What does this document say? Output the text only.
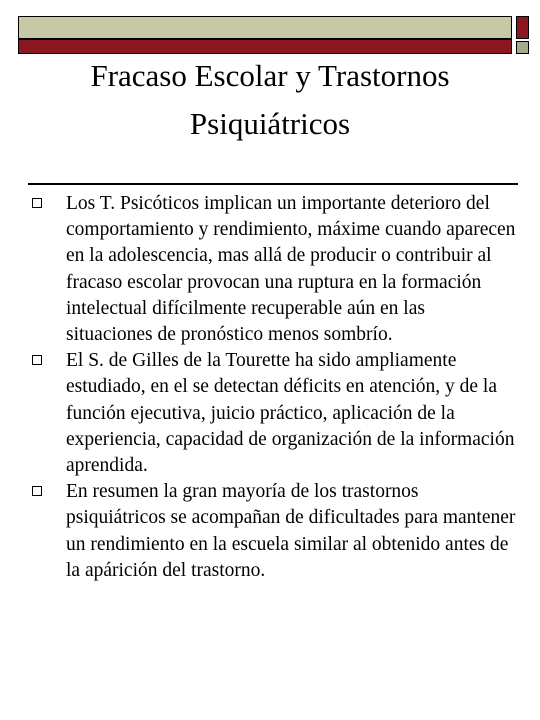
Fracaso Escolar y Trastornos Psiquiátricos
Los T. Psicóticos implican un importante deterioro del comportamiento y rendimiento, máxime cuando aparecen en la adolescencia, mas allá de producir o contribuir al fracaso escolar provocan una ruptura en la formación intelectual difícilmente recuperable aún en las situaciones de pronóstico menos sombrío.
El S. de Gilles de la Tourette ha sido ampliamente estudiado, en el se detectan déficits en atención, y de la función ejecutiva, juicio práctico, aplicación de la experiencia, capacidad de organización de la información aprendida.
En resumen la gran mayoría de los trastornos psiquiátricos se acompañan de dificultades para mantener un rendimiento en la escuela similar al obtenido antes de la apárición del trastorno.
